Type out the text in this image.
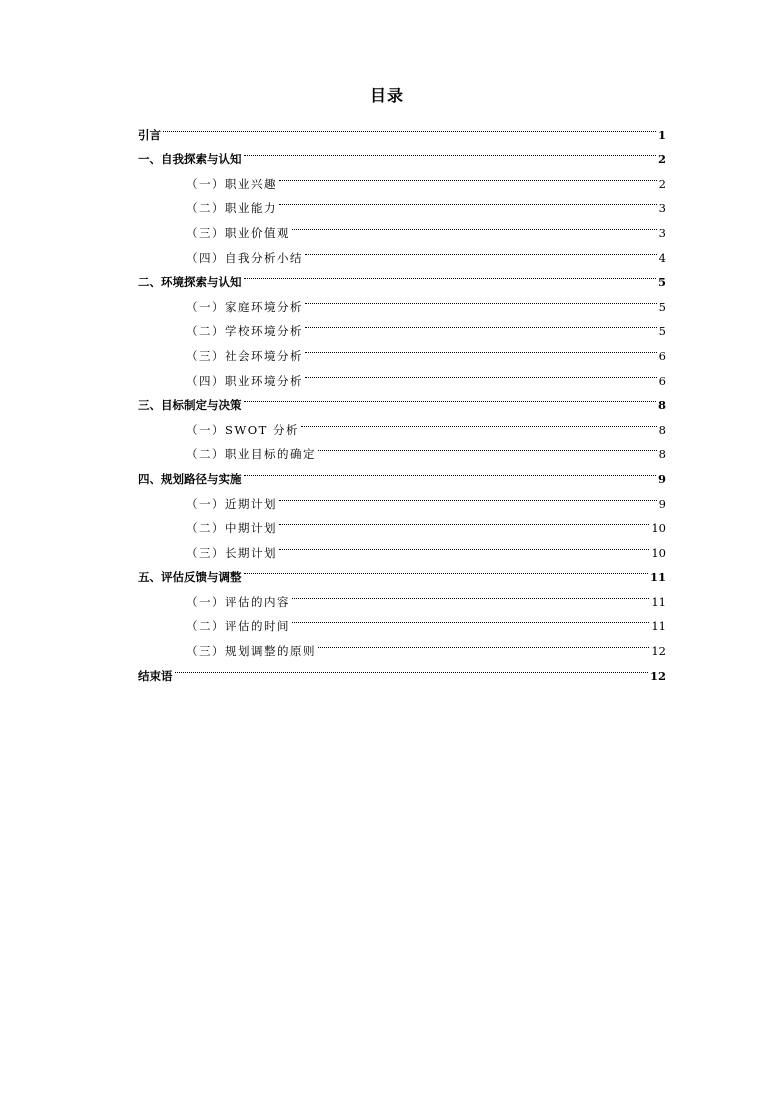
目录
引言	1
一、自我探索与认知	2
（一）职业兴趣	2
（二）职业能力	3
（三）职业价值观	3
（四）自我分析小结	4
二、环境探索与认知	5
（一）家庭环境分析	5
（二）学校环境分析	5
（三）社会环境分析	6
（四）职业环境分析	6
三、目标制定与决策	8
（一）SWOT 分析	8
（二）职业目标的确定	8
四、规划路径与实施	9
（一）近期计划	9
（二）中期计划	10
（三）长期计划	10
五、评估反馈与调整	11
（一）评估的内容	11
（二）评估的时间	11
（三）规划调整的原则	12
结束语	12
